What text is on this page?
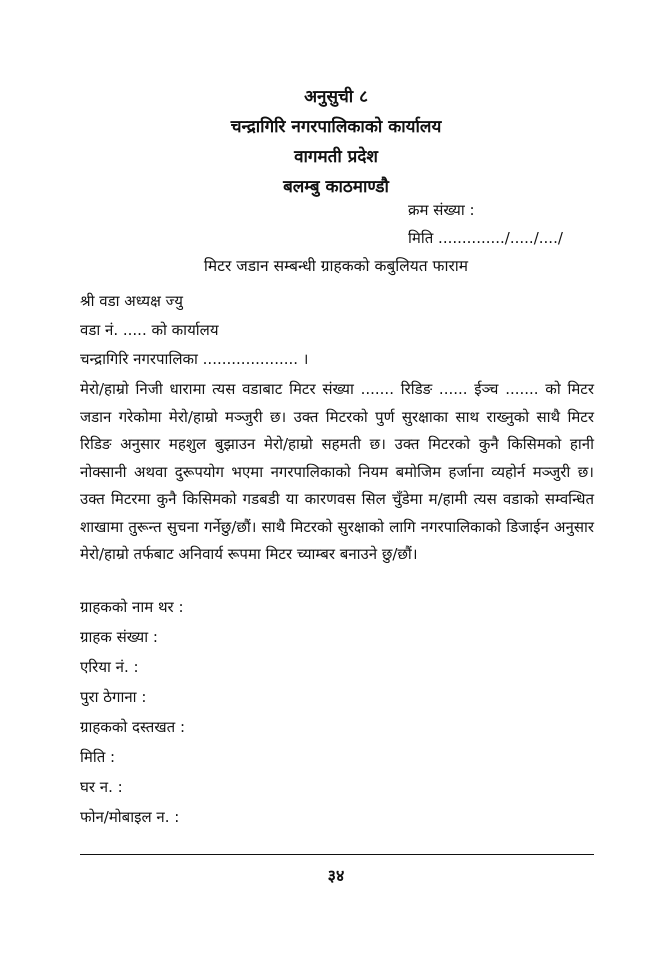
अनुसुची ८
चन्द्रागिरि नगरपालिकाको कार्यालय
वागमती प्रदेश
बलम्बु काठमाण्डौ
क्रम संख्या :
मिति ............../...../..../
मिटर जडान सम्बन्धी ग्राहकको कबुलियत फाराम
श्री वडा अध्यक्ष ज्यु
वडा नं. ..... को कार्यालय
चन्द्रागिरि नगरपालिका .................... ।
मेरो/हाम्रो निजी धारामा त्यस वडाबाट मिटर संख्या ....... रिडिङ ...... ईञ्च ....... को मिटर जडान गरेकोमा मेरो/हाम्रो मञ्जुरी छ। उक्त मिटरको पुर्ण सुरक्षाका साथ राख्नुको साथै मिटर रिडिङ अनुसार महशुल बुझाउन मेरो/हाम्रो सहमती छ। उक्त मिटरको कुनै किसिमको हानी नोक्सानी अथवा दुरूपयोग भएमा नगरपालिकाको नियम बमोजिम हर्जाना व्यहोर्न मञ्जुरी छ। उक्त मिटरमा कुनै किसिमको गडबडी या कारणवस सिल चुँडेमा म/हामी त्यस वडाको सम्वन्धित शाखामा तुरून्त सुचना गर्नेछु/छौं। साथै मिटरको सुरक्षाको लागि नगरपालिकाको डिजाईन अनुसार मेरो/हाम्रो तर्फबाट अनिवार्य रूपमा मिटर च्याम्बर बनाउने छु/छौं।
ग्राहकको नाम थर :
ग्राहक संख्या :
एरिया नं. :
पुरा ठेगाना :
ग्राहकको दस्तखत :
मिति :
घर न. :
फोन/मोबाइल न. :
३४
